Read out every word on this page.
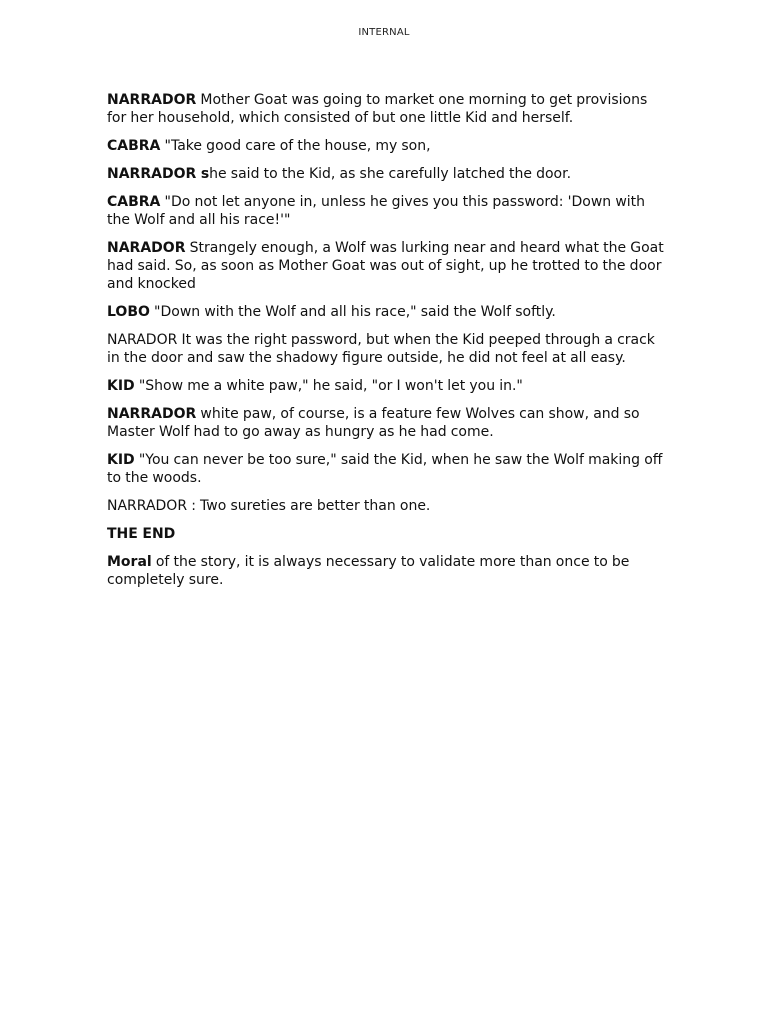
INTERNAL

NARRADOR Mother Goat was going to market one morning to get provisions for her household, which consisted of but one little Kid and herself.

CABRA "Take good care of the house, my son,

NARRADOR she said to the Kid, as she carefully latched the door.

CABRA "Do not let anyone in, unless he gives you this password: 'Down with the Wolf and all his race!'"

NARADOR Strangely enough, a Wolf was lurking near and heard what the Goat had said. So, as soon as Mother Goat was out of sight, up he trotted to the door and knocked

LOBO "Down with the Wolf and all his race," said the Wolf softly.

NARADOR It was the right password, but when the Kid peeped through a crack in the door and saw the shadowy figure outside, he did not feel at all easy.

KID "Show me a white paw," he said, "or I won't let you in."

NARRADOR white paw, of course, is a feature few Wolves can show, and so Master Wolf had to go away as hungry as he had come.

KID "You can never be too sure," said the Kid, when he saw the Wolf making off to the woods.

NARRADOR : Two sureties are better than one.

THE END

Moral of the story, it is always necessary to validate more than once to be completely sure.
